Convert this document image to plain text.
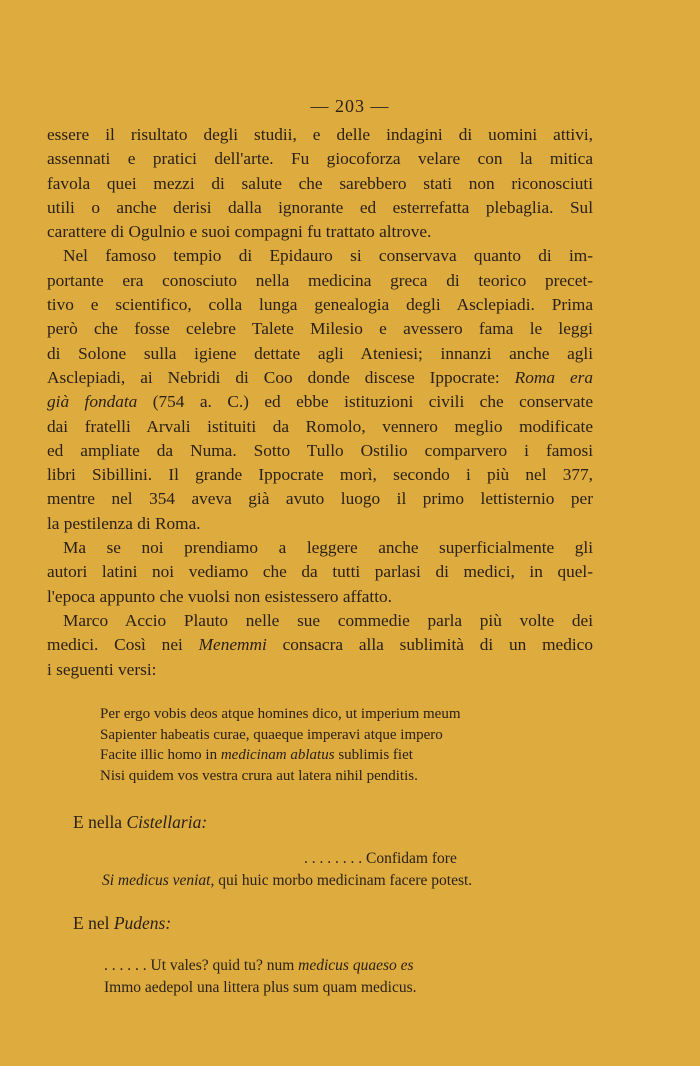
— 203 —
essere il risultato degli studii, e delle indagini di uomini attivi,
assennati e pratici dell'arte. Fu giocoforza velare con la mitica
favola quei mezzi di salute che sarebbero stati non riconosciuti
utili o anche derisi dalla ignorante ed esterrefatta plebaglia. Sul
carattere di Ogulnio e suoi compagni fu trattato altrove.
Nel famoso tempio di Epidauro si conservava quanto di im-
portante era conosciuto nella medicina greca di teorico precet-
tivo e scientifico, colla lunga genealogia degli Asclepiadi. Prima
però che fosse celebre Talete Milesio e avessero fama le leggi
di Solone sulla igiene dettate agli Ateniesi; innanzi anche agli
Asclepiadi, ai Nebridi di Coo donde discese Ippocrate: Roma era
già fondata (754 a. C.) ed ebbe istituzioni civili che conservate
dai fratelli Arvali istituiti da Romolo, vennero meglio modificate
ed ampliate da Numa. Sotto Tullo Ostilio comparvero i famosi
libri Sibillini. Il grande Ippocrate morì, secondo i più nel 377,
mentre nel 354 aveva già avuto luogo il primo lettisternio per
la pestilenza di Roma.
Ma se noi prendiamo a leggere anche superficialmente gli
autori latini noi vediamo che da tutti parlasi di medici, in quel-
l'epoca appunto che vuolsi non esistessero affatto.
Marco Accio Plauto nelle sue commedie parla più volte dei
medici. Così nei Menemmi consacra alla sublimità di un medico
i seguenti versi:
Per ergo vobis deos atque homines dico, ut imperium meum
Sapienter habeatis curae, quaeque imperavi atque impero
Facite illic homo in medicinam ablatus sublimis fiet
Nisi quidem vos vestra crura aut latera nihil penditis.
E nella Cistellaria:
. . . . . . . . Confidam fore
Si medicus veniat, qui huic morbo medicinam facere potest.
E nel Pudens:
. . . . . . Ut vales? quid tu? num medicus quaeso es
Immo aedepol una littera plus sum quam medicus.
